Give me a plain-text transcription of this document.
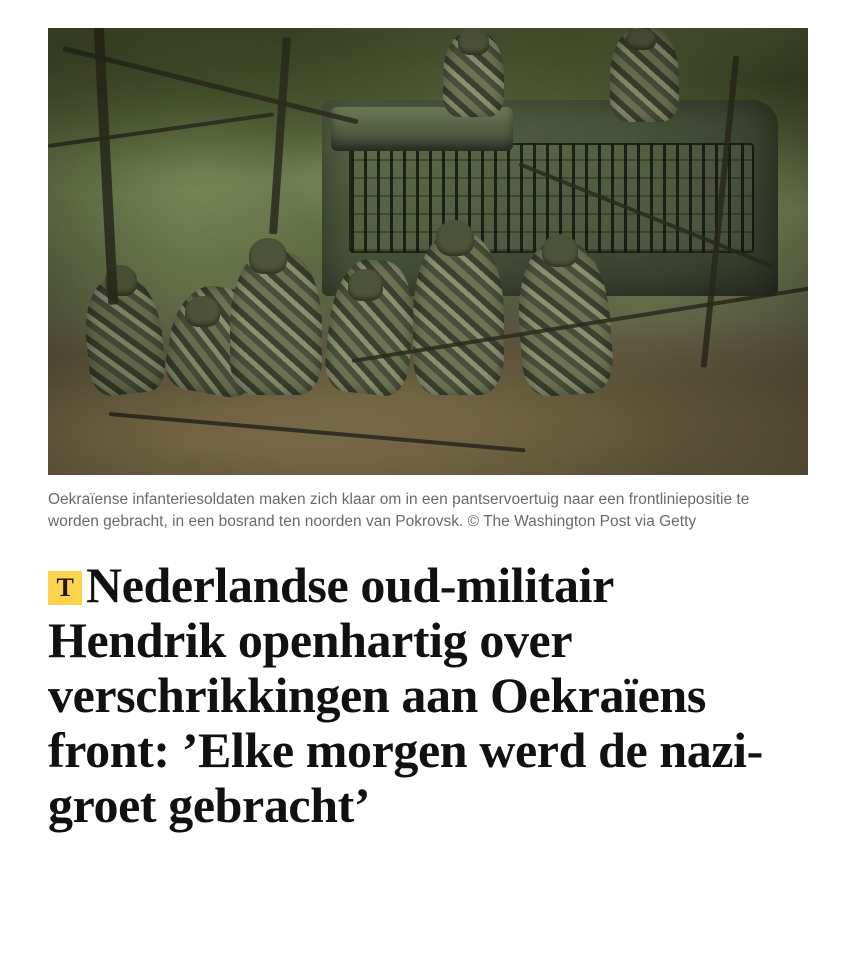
Oekraïense infanteriesoldaten maken zich klaar om in een pantservoertuig naar een frontliniepositie te worden gebracht, in een bosrand ten noorden van Pokrovsk. © The Washington Post via Getty
T Nederlandse oud-militair Hendrik openhartig over verschrikkingen aan Oekraïens front: ’Elke morgen werd de nazi-groet gebracht’
